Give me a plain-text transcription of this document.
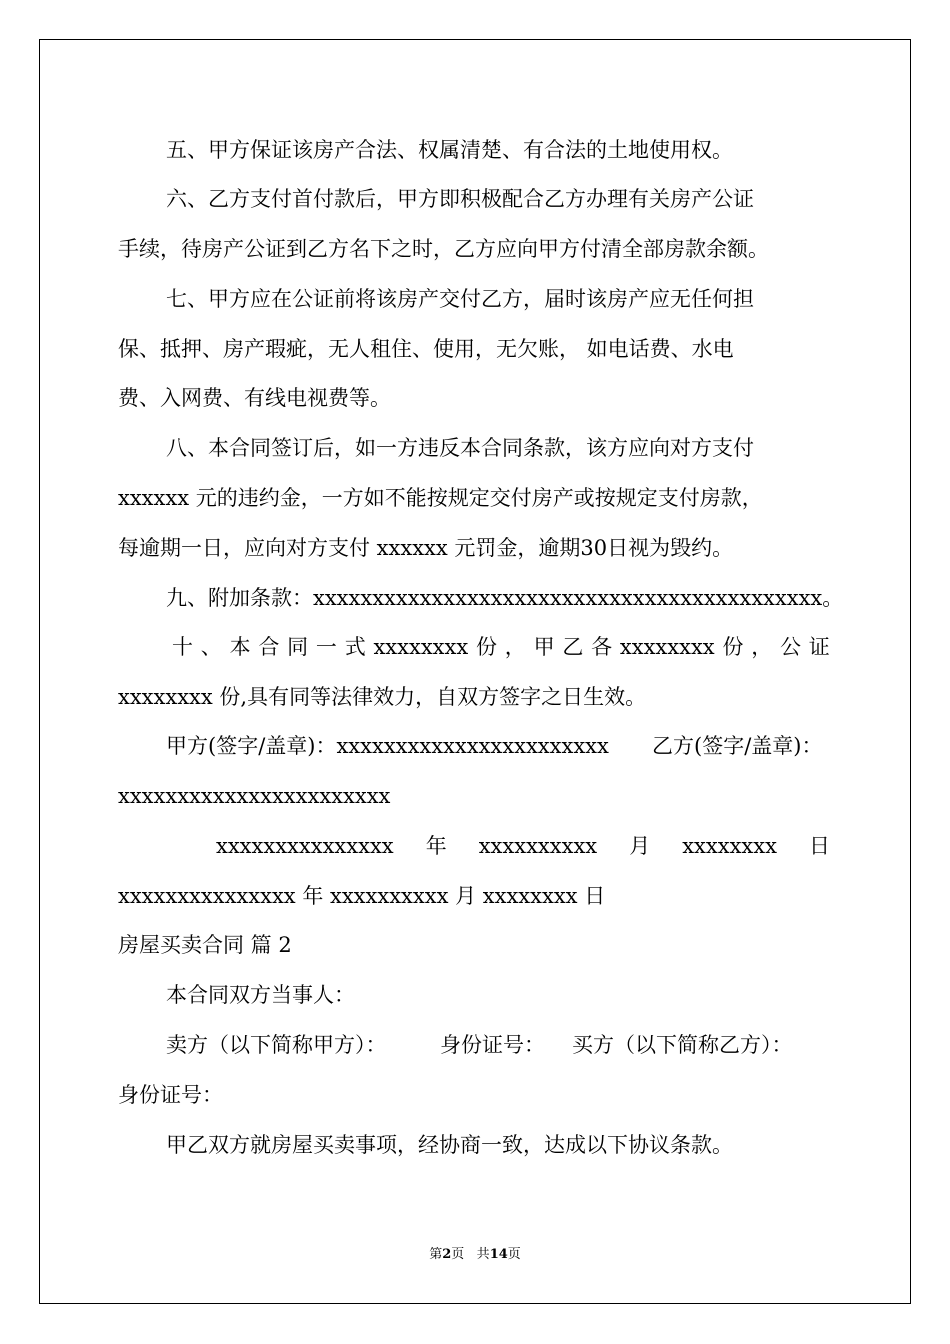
五、甲方保证该房产合法、权属清楚、有合法的土地使用权。
六、乙方支付首付款后，甲方即积极配合乙方办理有关房产公证
手续，待房产公证到乙方名下之时，乙方应向甲方付清全部房款余额。
七、甲方应在公证前将该房产交付乙方，届时该房产应无任何担
保、抵押、房产瑕疵，无人租住、使用，无欠账， 如电话费、水电
费、入网费、有线电视费等。
八、本合同签订后，如一方违反本合同条款，该方应向对方支付
xxxxxx 元的违约金，一方如不能按规定交付房产或按规定支付房款，
每逾期一日，应向对方支付 xxxxxx 元罚金，逾期30日视为毁约。
九、附加条款：xxxxxxxxxxxxxxxxxxxxxxxxxxxxxxxxxxxxxxxxxxx。
十 、 本 合 同 一 式 xxxxxxxx 份 ， 甲 乙 各 xxxxxxxx 份 ， 公 证
xxxxxxxx 份,具有同等法律效力，自双方签字之日生效。
甲方(签字/盖章)：xxxxxxxxxxxxxxxxxxxxxxx 乙方(签字/盖章)：
xxxxxxxxxxxxxxxxxxxxxxx
xxxxxxxxxxxxxxx 年 xxxxxxxxxx 月 xxxxxxxx 日
xxxxxxxxxxxxxxx 年 xxxxxxxxxx 月 xxxxxxxx 日
房屋买卖合同 篇 2
本合同双方当事人：
卖方（以下简称甲方）：	身份证号： 买方（以下简称乙方）：
身份证号：
甲乙双方就房屋买卖事项，经协商一致，达成以下协议条款。
第2页 共14页
